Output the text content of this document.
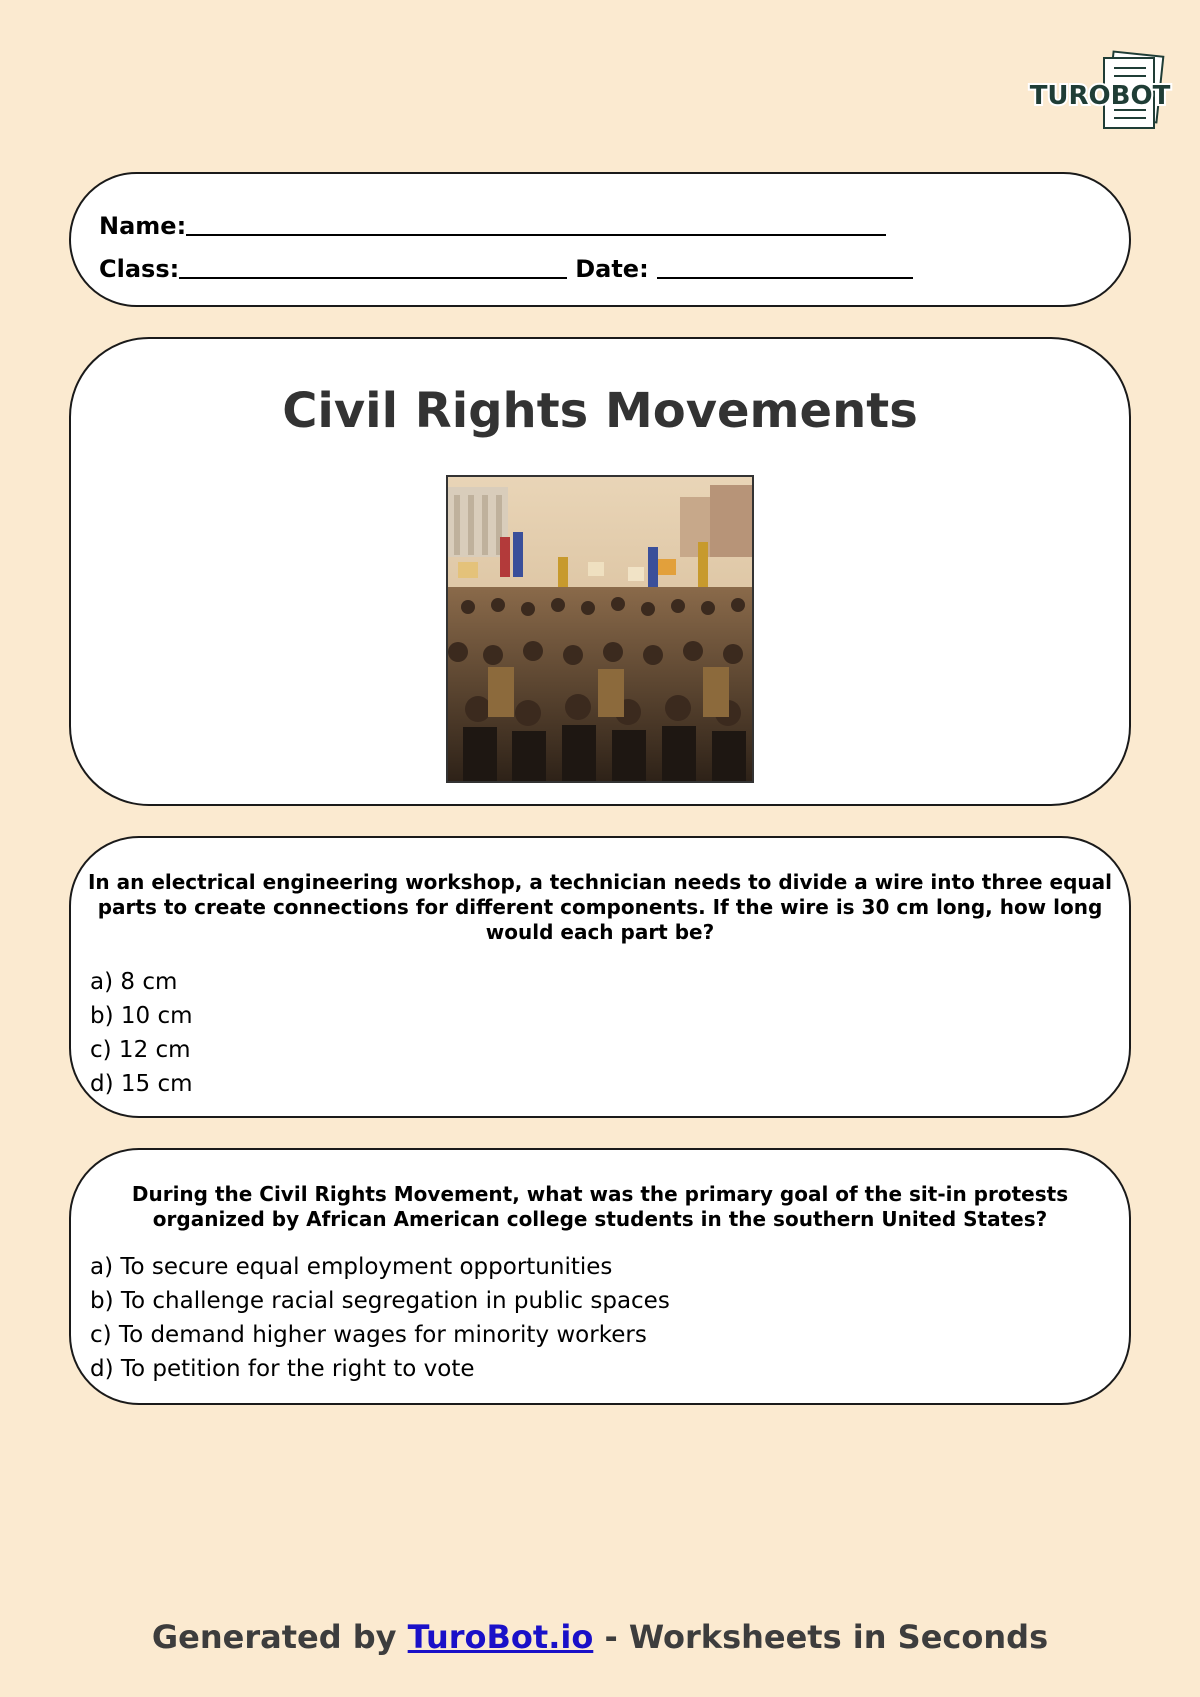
TUROBOT
Name:
Class:	Date:
Civil Rights Movements

In an electrical engineering workshop, a technician needs to divide a wire into three equal parts to create connections for different components. If the wire is 30 cm long, how long would each part be?

a) 8 cm
b) 10 cm
c) 12 cm
d) 15 cm

During the Civil Rights Movement, what was the primary goal of the sit-in protests organized by African American college students in the southern United States?

a) To secure equal employment opportunities
b) To challenge racial segregation in public spaces
c) To demand higher wages for minority workers
d) To petition for the right to vote
Generated by TuroBot.io - Worksheets in Seconds
